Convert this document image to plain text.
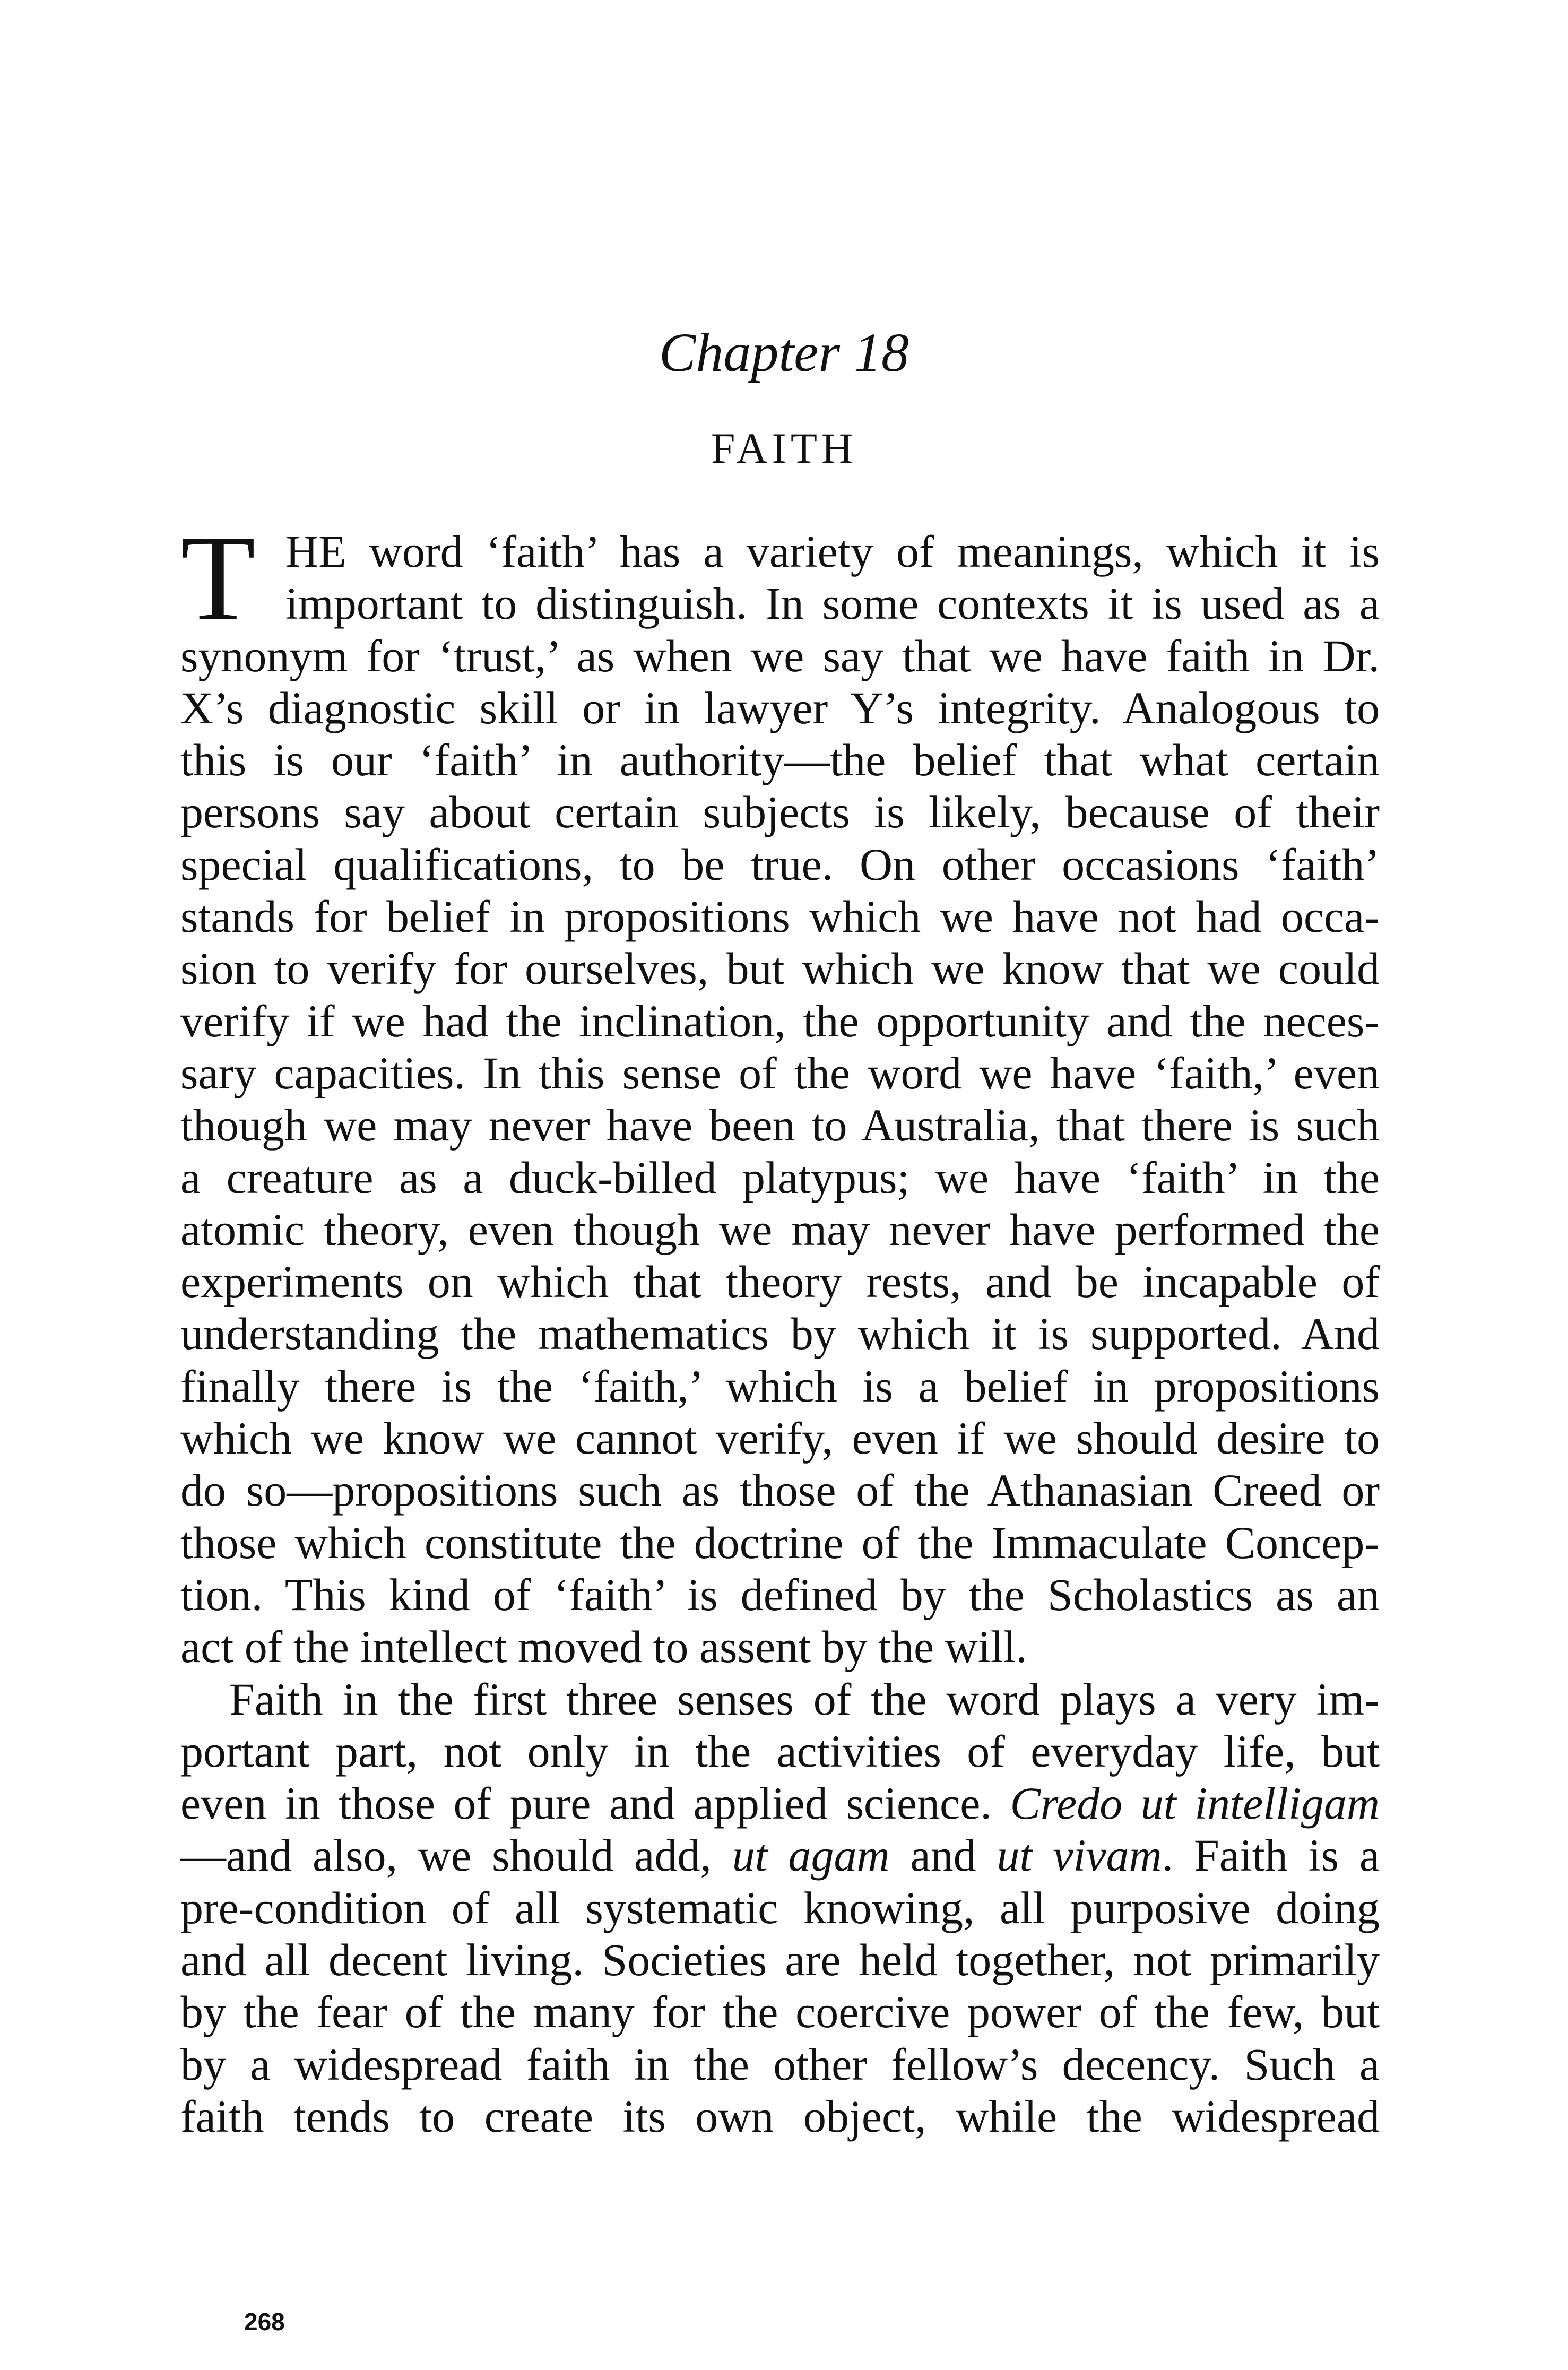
Chapter 18
FAITH
T HE word ‘faith’ has a variety of meanings, which it is
important to distinguish. In some contexts it is used as a
synonym for ‘trust,’ as when we say that we have faith in Dr.
X’s diagnostic skill or in lawyer Y’s integrity. Analogous to
this is our ‘faith’ in authority—the belief that what certain
persons say about certain subjects is likely, because of their
special qualifications, to be true. On other occasions ‘faith’
stands for belief in propositions which we have not had occa-
sion to verify for ourselves, but which we know that we could
verify if we had the inclination, the opportunity and the neces-
sary capacities. In this sense of the word we have ‘faith,’ even
though we may never have been to Australia, that there is such
a creature as a duck-billed platypus; we have ‘faith’ in the
atomic theory, even though we may never have performed the
experiments on which that theory rests, and be incapable of
understanding the mathematics by which it is supported. And
finally there is the ‘faith,’ which is a belief in propositions
which we know we cannot verify, even if we should desire to
do so—propositions such as those of the Athanasian Creed or
those which constitute the doctrine of the Immaculate Concep-
tion. This kind of ‘faith’ is defined by the Scholastics as an
act of the intellect moved to assent by the will.
Faith in the first three senses of the word plays a very im-
portant part, not only in the activities of everyday life, but
even in those of pure and applied science. Credo ut intelligam
—and also, we should add, ut agam and ut vivam. Faith is a
pre-condition of all systematic knowing, all purposive doing
and all decent living. Societies are held together, not primarily
by the fear of the many for the coercive power of the few, but
by a widespread faith in the other fellow’s decency. Such a
faith tends to create its own object, while the widespread
268
